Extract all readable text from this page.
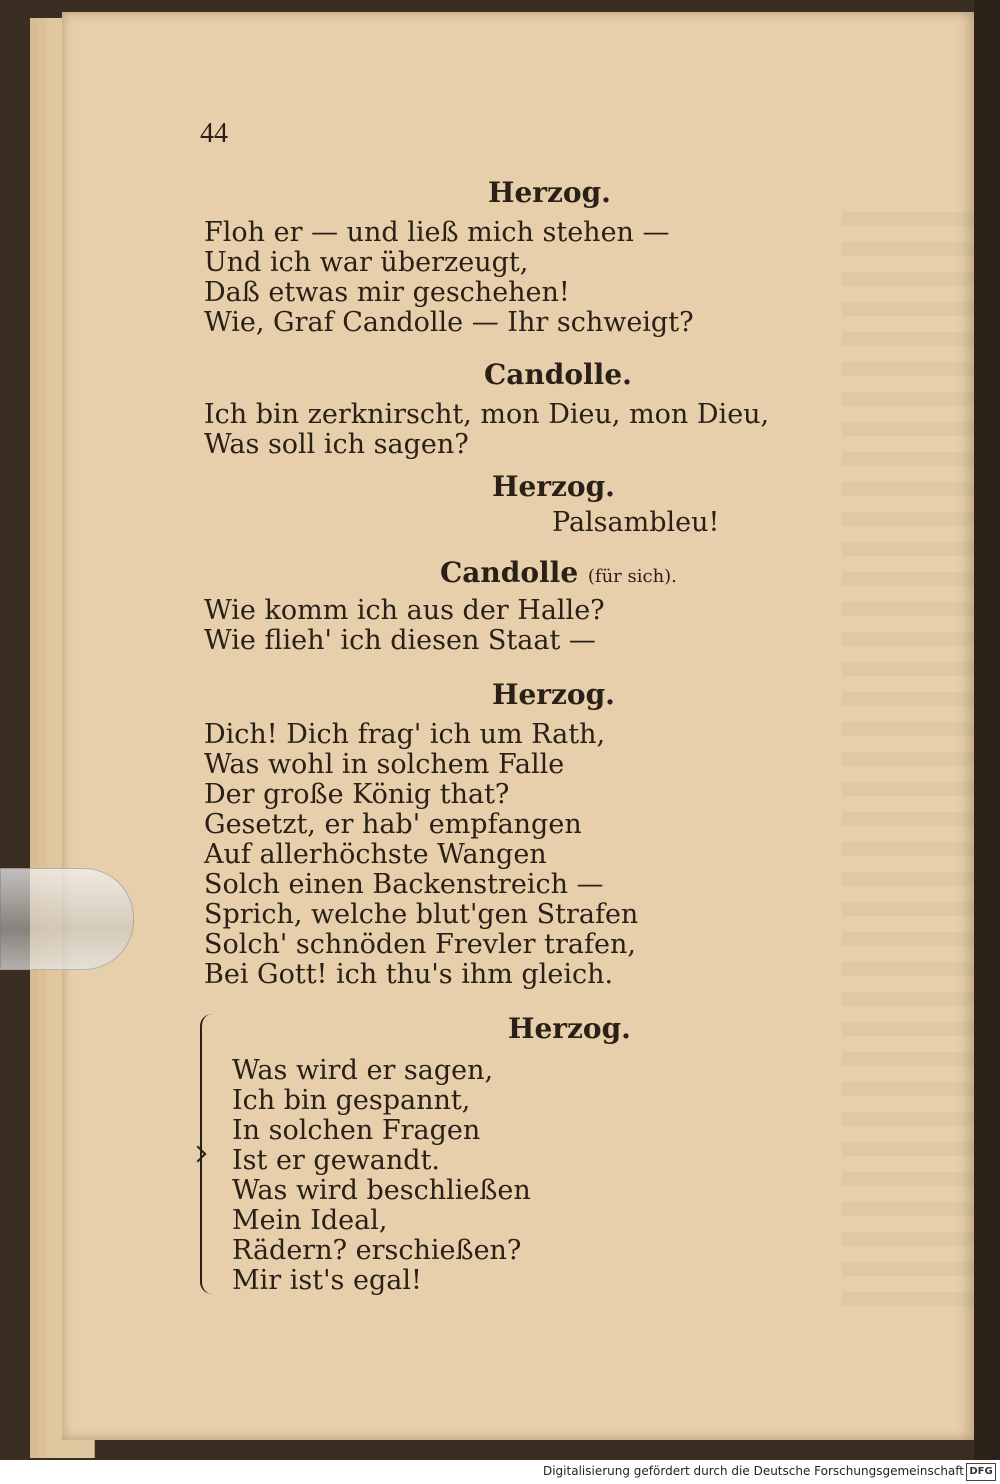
44
Herzog.
Floh er — und ließ mich stehen —
Und ich war überzeugt,
Daß etwas mir geschehen!
Wie, Graf Candolle — Ihr schweigt?
Candolle.
Ich bin zerknirscht, mon Dieu, mon Dieu,
Was soll ich sagen?
Herzog.
Palsambleu!
Candolle (für sich).
Wie komm ich aus der Halle?
Wie flieh' ich diesen Staat —
Herzog.
Dich! Dich frag' ich um Rath,
Was wohl in solchem Falle
Der große König that?
Gesetzt, er hab' empfangen
Auf allerhöchste Wangen
Solch einen Backenstreich —
Sprich, welche blut'gen Strafen
Solch' schnöden Frevler trafen,
Bei Gott! ich thu's ihm gleich.
Herzog.
Was wird er sagen,
Ich bin gespannt,
In solchen Fragen
Ist er gewandt.
Was wird beschließen
Mein Ideal,
Rädern? erschießen?
Mir ist's egal!
Digitalisierung gefördert durch die Deutsche Forschungsgemeinschaft DFG
